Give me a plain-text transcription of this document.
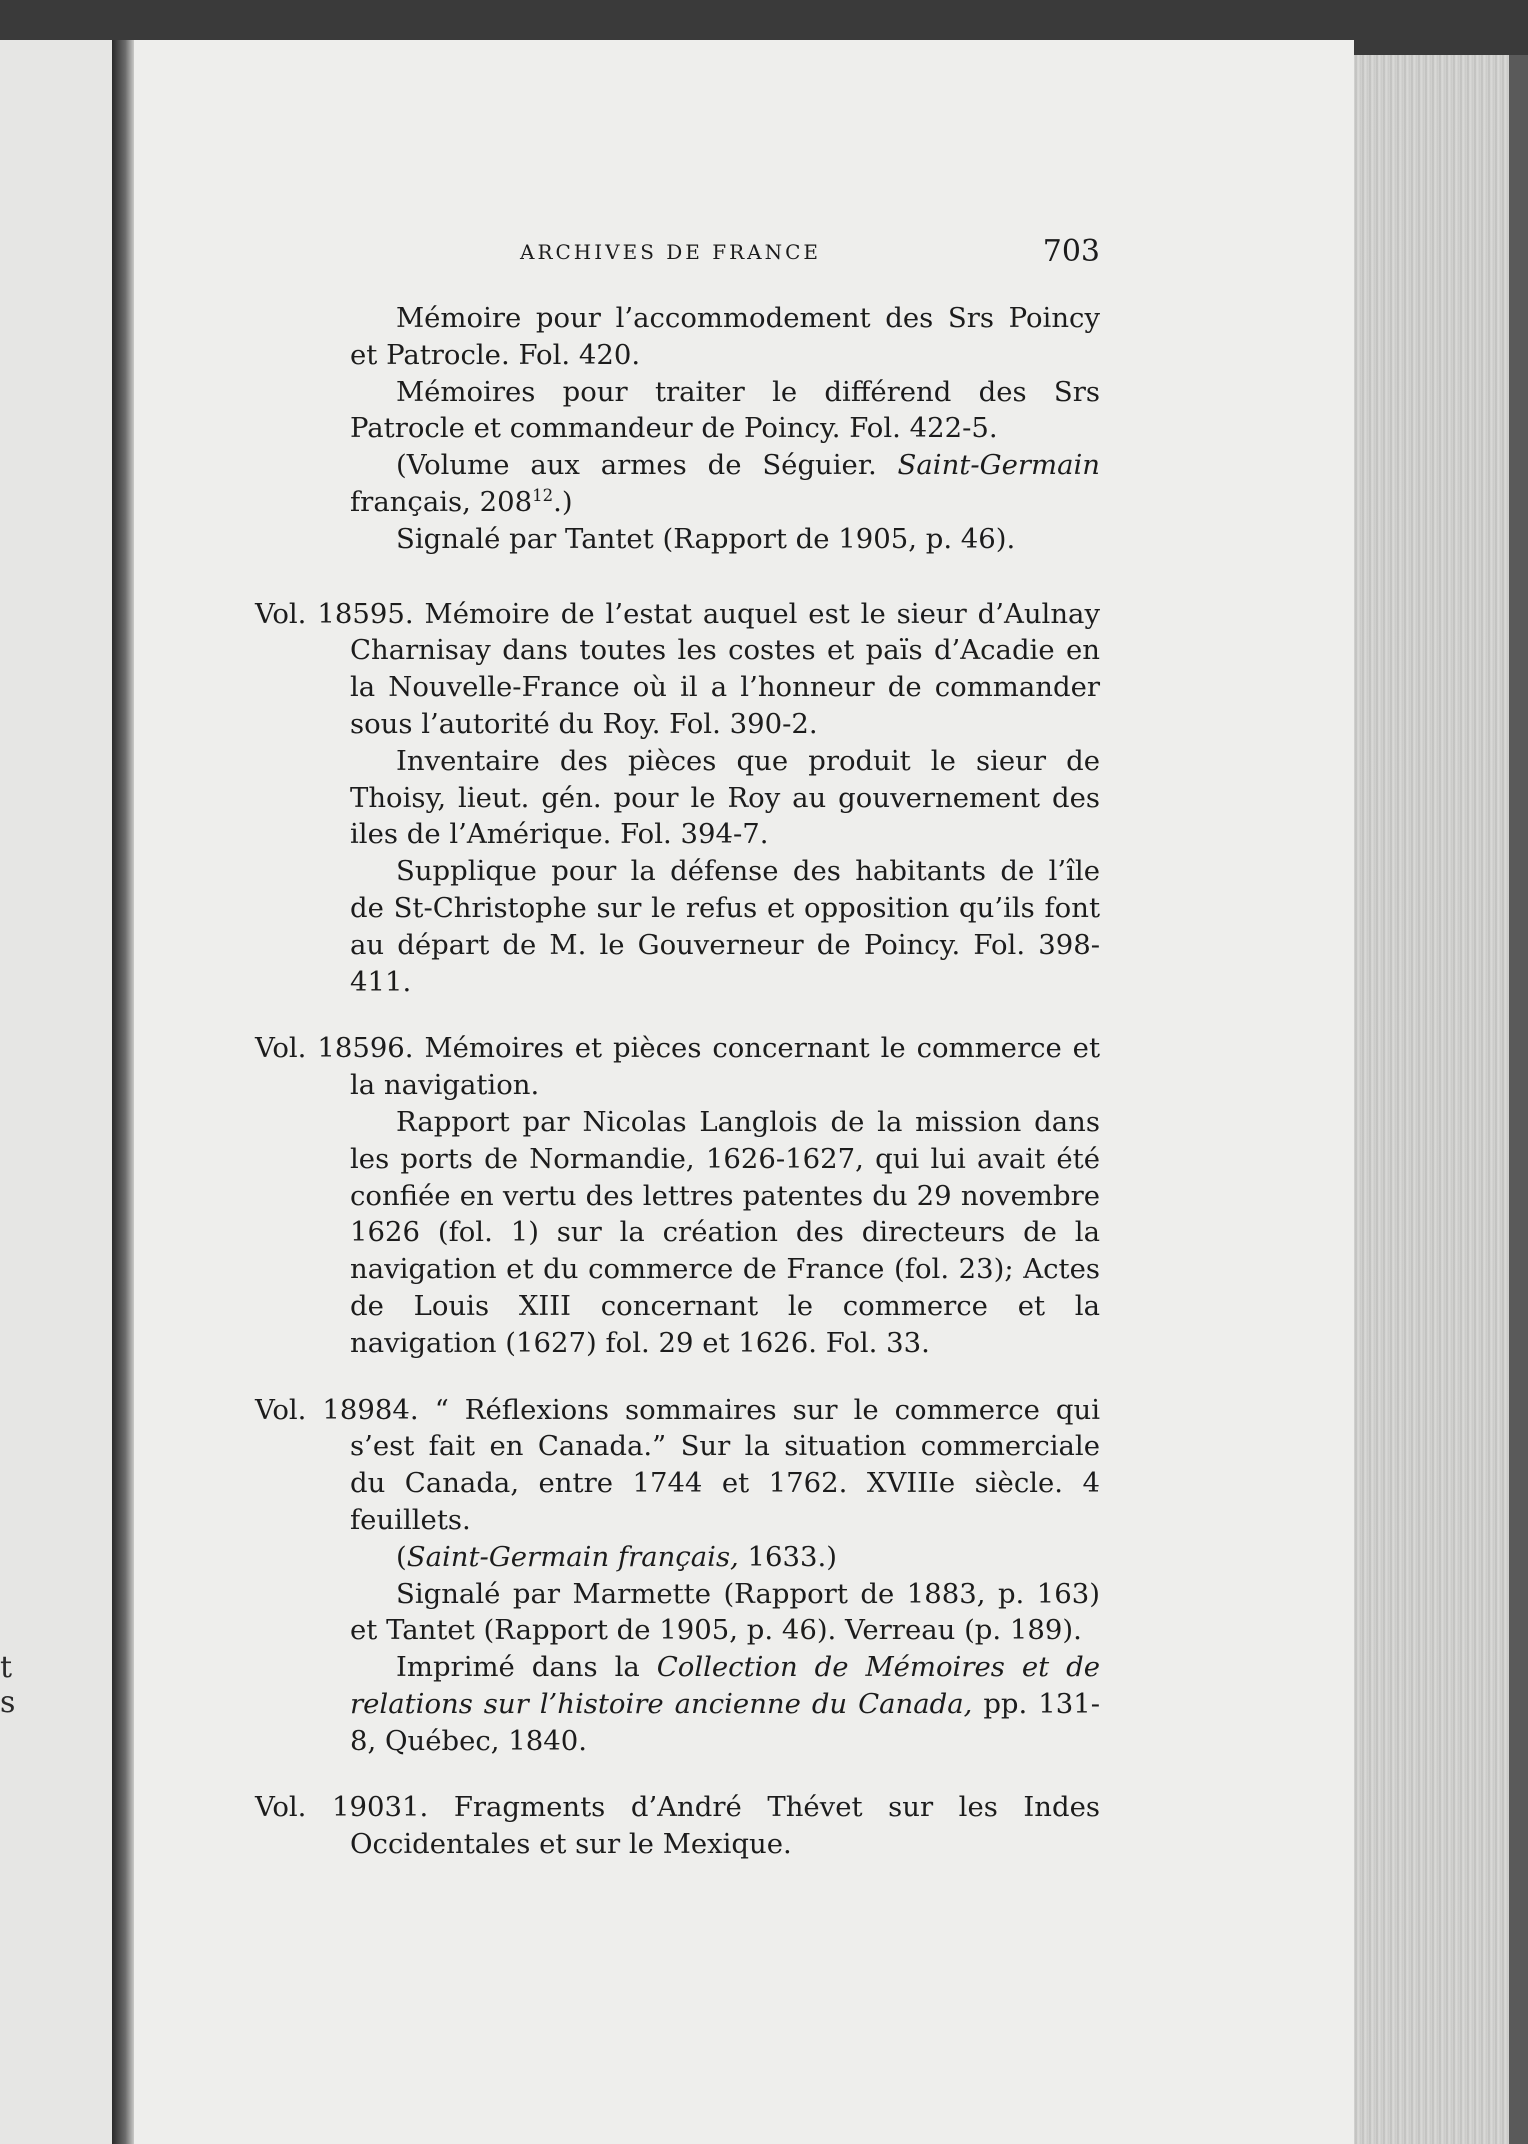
t
s
ARCHIVES DE FRANCE	703

Mémoire pour l’accommodement des Srs Poincy et Patrocle. Fol. 420.

Mémoires pour traiter le différend des Srs Patrocle et commandeur de Poincy. Fol. 422-5.

(Volume aux armes de Séguier. Saint-Germain français, $208^{12}$.)

Signalé par Tantet (Rapport de 1905, p. 46).

Vol. 18595. Mémoire de l’estat auquel est le sieur d’Aulnay Charnisay dans toutes les costes et païs d’Acadie en la Nouvelle-France où il a l’honneur de commander sous l’autorité du Roy. Fol. 390-2.

Inventaire des pièces que produit le sieur de Thoisy, lieut. gén. pour le Roy au gouvernement des iles de l’Amérique. Fol. 394-7.

Supplique pour la défense des habitants de l’île de St-Christophe sur le refus et opposition qu’ils font au départ de M. le Gouverneur de Poincy. Fol. 398-411.

Vol. 18596. Mémoires et pièces concernant le commerce et la navigation.

Rapport par Nicolas Langlois de la mission dans les ports de Normandie, 1626-1627, qui lui avait été confiée en vertu des lettres patentes du 29 novembre 1626 (fol. 1) sur la création des directeurs de la navigation et du commerce de France (fol. 23); Actes de Louis XIII concernant le commerce et la navigation (1627) fol. 29 et 1626. Fol. 33.

Vol. 18984. “ Réflexions sommaires sur le commerce qui s’est fait en Canada.” Sur la situation commerciale du Canada, entre 1744 et 1762. XVIIIe siècle. 4 feuillets.

(Saint-Germain français, 1633.)

Signalé par Marmette (Rapport de 1883, p. 163) et Tantet (Rapport de 1905, p. 46). Verreau (p. 189).

Imprimé dans la Collection de Mémoires et de relations sur l’histoire ancienne du Canada, pp. 131-8, Québec, 1840.

Vol. 19031. Fragments d’André Thévet sur les Indes Occidentales et sur le Mexique.
